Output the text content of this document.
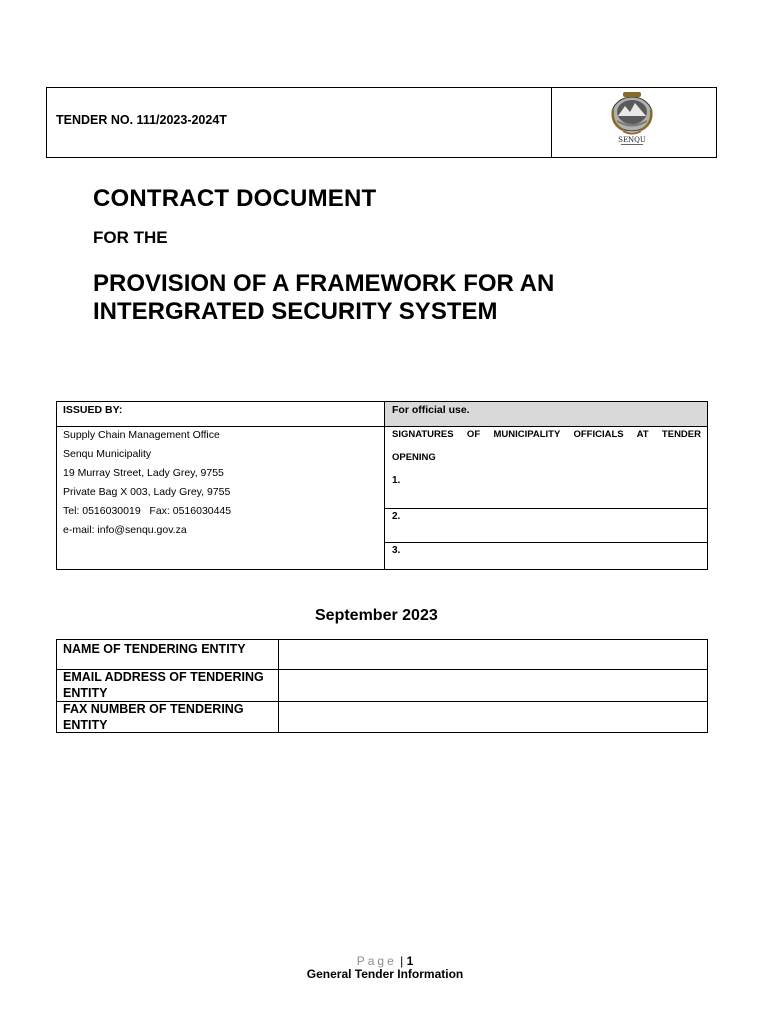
TENDER NO. 111/2023-2024T
SENQU
CONTRACT DOCUMENT
FOR THE
PROVISION OF A FRAMEWORK FOR AN INTERGRATED SECURITY SYSTEM
ISSUED BY:	For official use.
Supply Chain Management Office
Senqu Municipality
19 Murray Street, Lady Grey, 9755
Private Bag X 003, Lady Grey, 9755
Tel: 0516030019   Fax: 0516030445
e-mail: info@senqu.gov.za
SIGNATURES OF MUNICIPALITY OFFICIALS AT TENDER
OPENING
1.
2.
3.
September 2023
NAME OF TENDERING ENTITY
EMAIL ADDRESS OF TENDERING ENTITY
FAX NUMBER OF TENDERING ENTITY
Page | 1
General Tender Information
